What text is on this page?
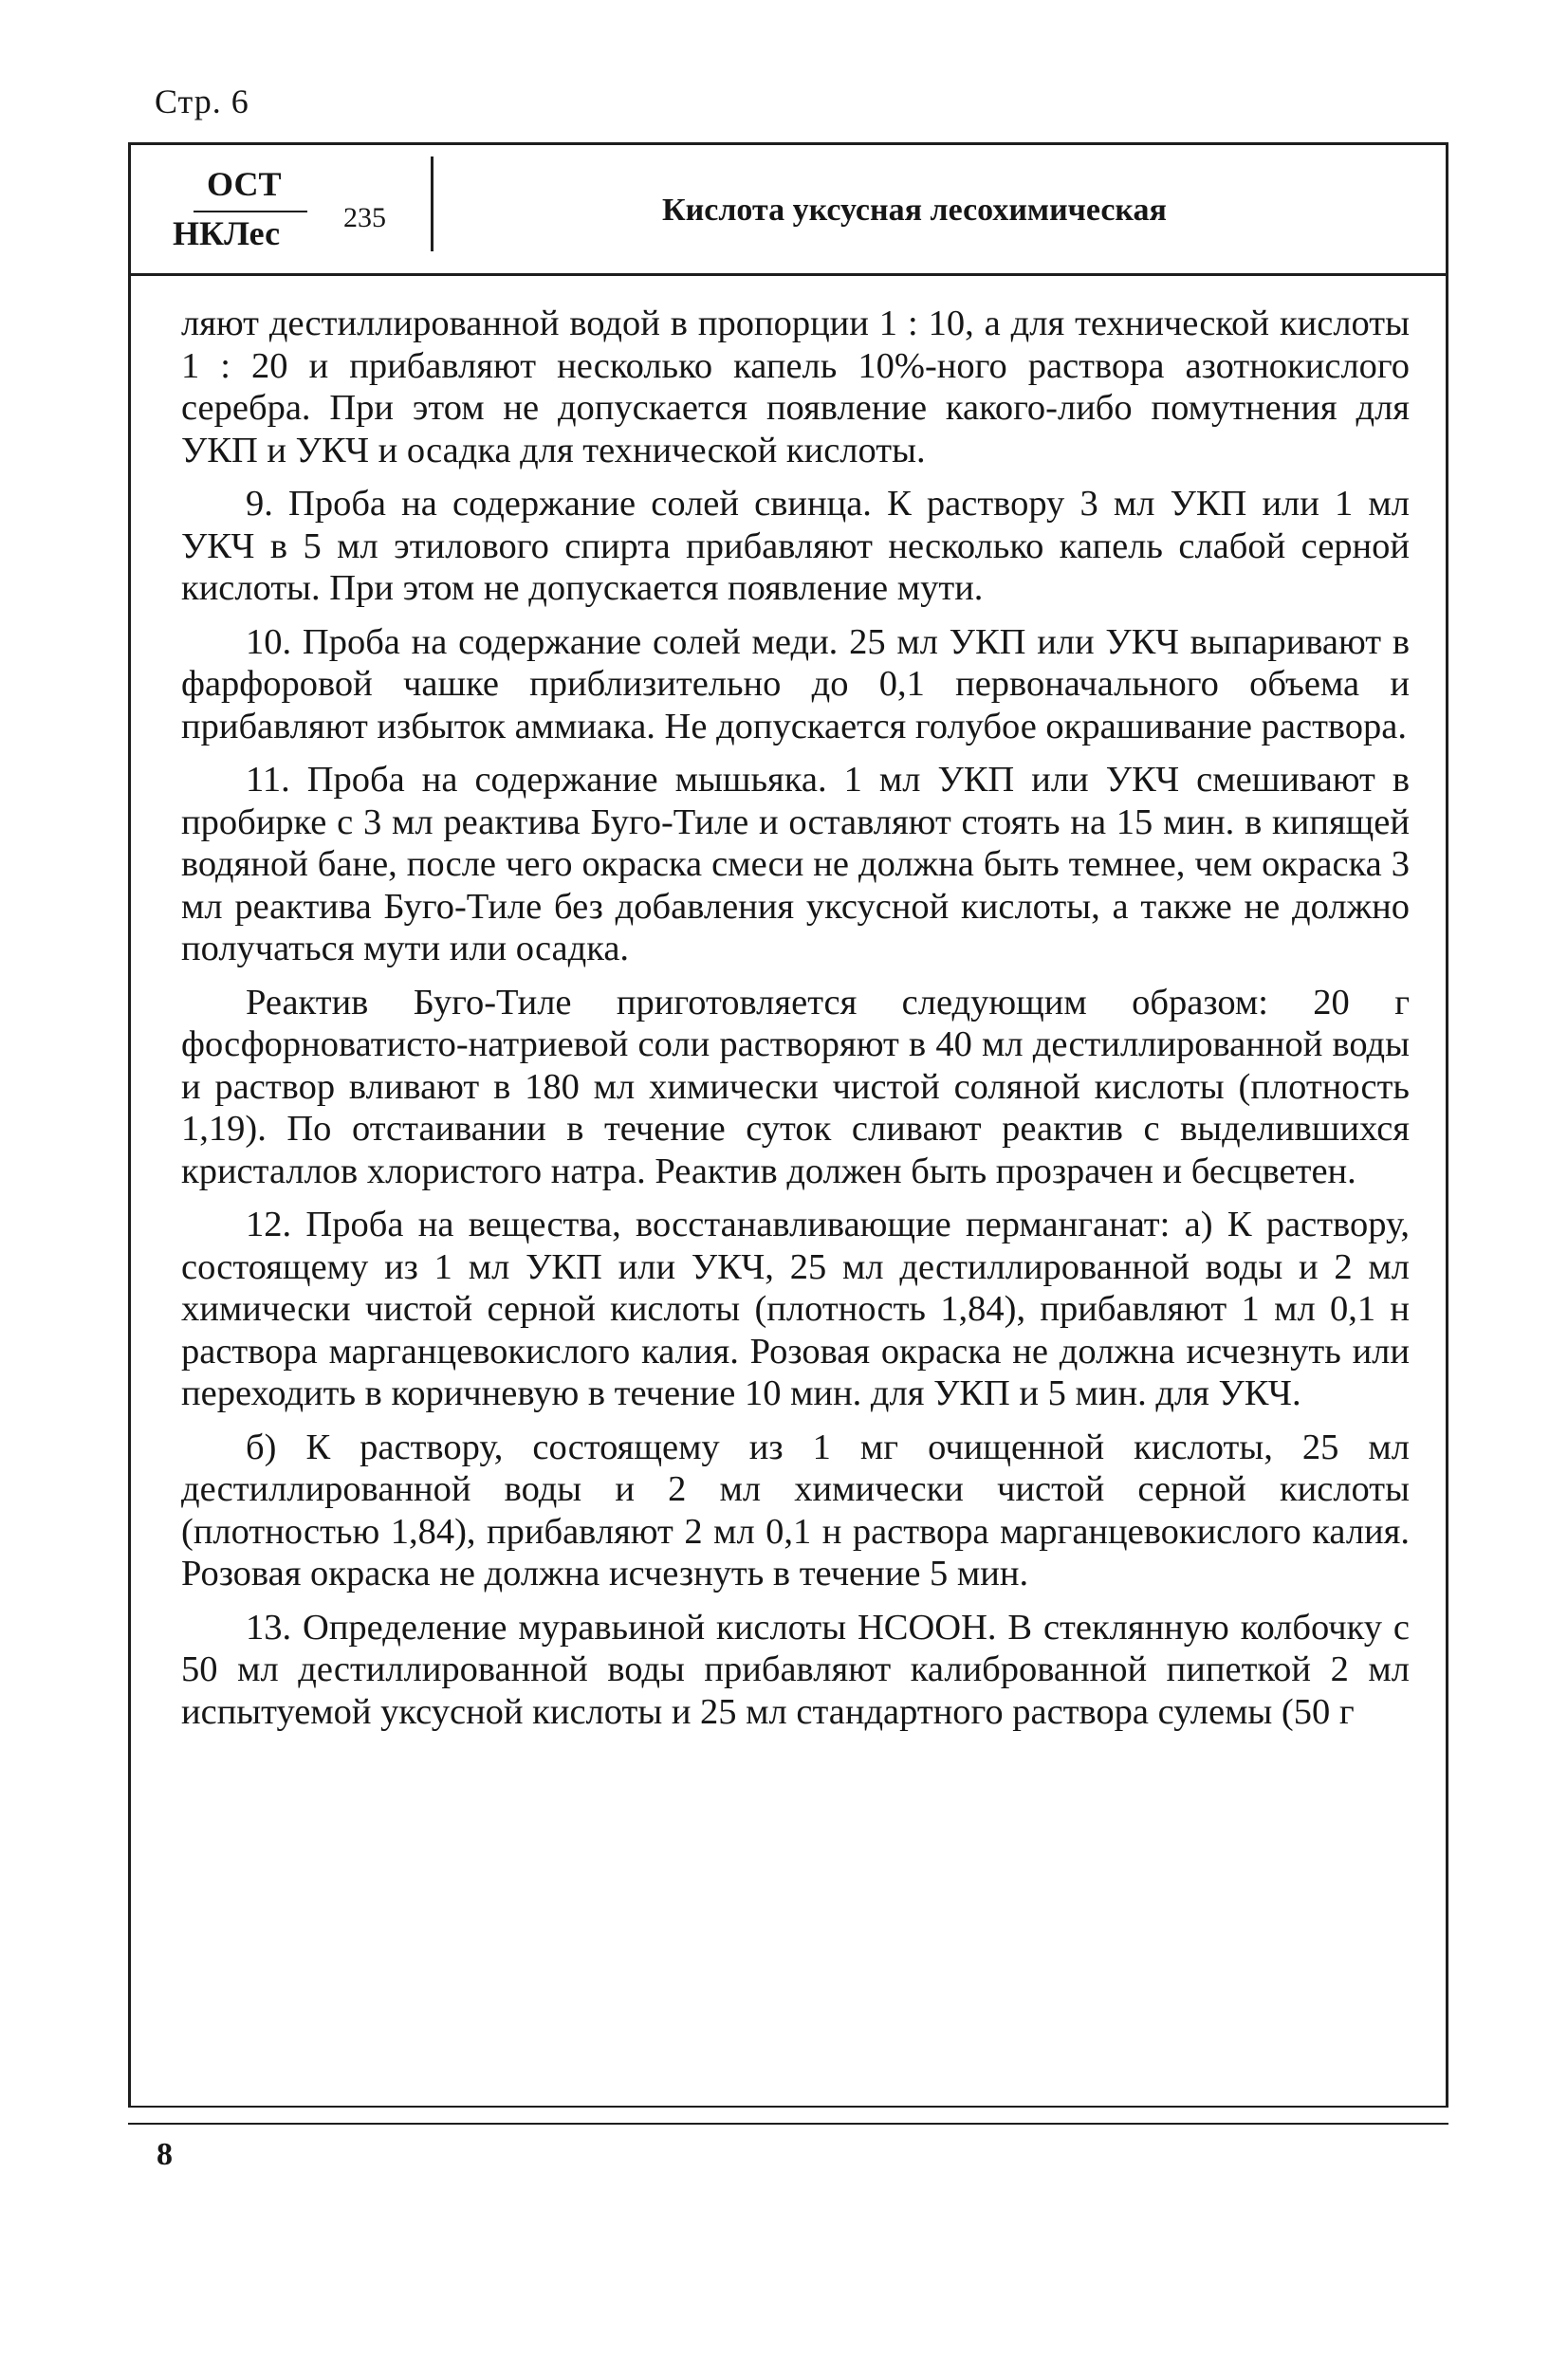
Стр. 6
ОСТ
НКЛес 235	Кислота уксусная лесохимическая

ляют дестиллированной водой в пропорции 1 : 10, а для технической кислоты 1 : 20 и прибавляют несколько капель 10%-ного раствора азотнокислого серебра. При этом не допускается появление какого-либо помутнения для УКП и УКЧ и осадка для технической кислоты.

9. Проба на содержание солей свинца. К раствору 3 мл УКП или 1 мл УКЧ в 5 мл этилового спирта прибавляют несколько капель слабой серной кислоты. При этом не допускается появление мути.

10. Проба на содержание солей меди. 25 мл УКП или УКЧ выпаривают в фарфоровой чашке приблизительно до 0,1 первоначального объема и прибавляют избыток аммиака. Не допускается голубое окрашивание раствора.

11. Проба на содержание мышьяка. 1 мл УКП или УКЧ смешивают в пробирке с 3 мл реактива Буго-Тиле и оставляют стоять на 15 мин. в кипящей водяной бане, после чего окраска смеси не должна быть темнее, чем окраска 3 мл реактива Буго-Тиле без добавления уксусной кислоты, а также не должно получаться мути или осадка.

Реактив Буго-Тиле приготовляется следующим образом: 20 г фосфорноватисто-натриевой соли растворяют в 40 мл дестиллированной воды и раствор вливают в 180 мл химически чистой соляной кислоты (плотность 1,19). По отстаивании в течение суток сливают реактив с выделившихся кристаллов хлористого натра. Реактив должен быть прозрачен и бесцветен.

12. Проба на вещества, восстанавливающие перманганат: а) К раствору, состоящему из 1 мл УКП или УКЧ, 25 мл дестиллированной воды и 2 мл химически чистой серной кислоты (плотность 1,84), прибавляют 1 мл 0,1 н раствора марганцевокислого калия. Розовая окраска не должна исчезнуть или переходить в коричневую в течение 10 мин. для УКП и 5 мин. для УКЧ.

б) К раствору, состоящему из 1 мг очищенной кислоты, 25 мл дестиллированной воды и 2 мл химически чистой серной кислоты (плотностью 1,84), прибавляют 2 мл 0,1 н раствора марганцевокислого калия. Розовая окраска не должна исчезнуть в течение 5 мин.

13. Определение муравьиной кислоты НСООН. В стеклянную колбочку с 50 мл дестиллированной воды прибавляют калиброванной пипеткой 2 мл испытуемой уксусной кислоты и 25 мл стандартного раствора сулемы (50 г

8
